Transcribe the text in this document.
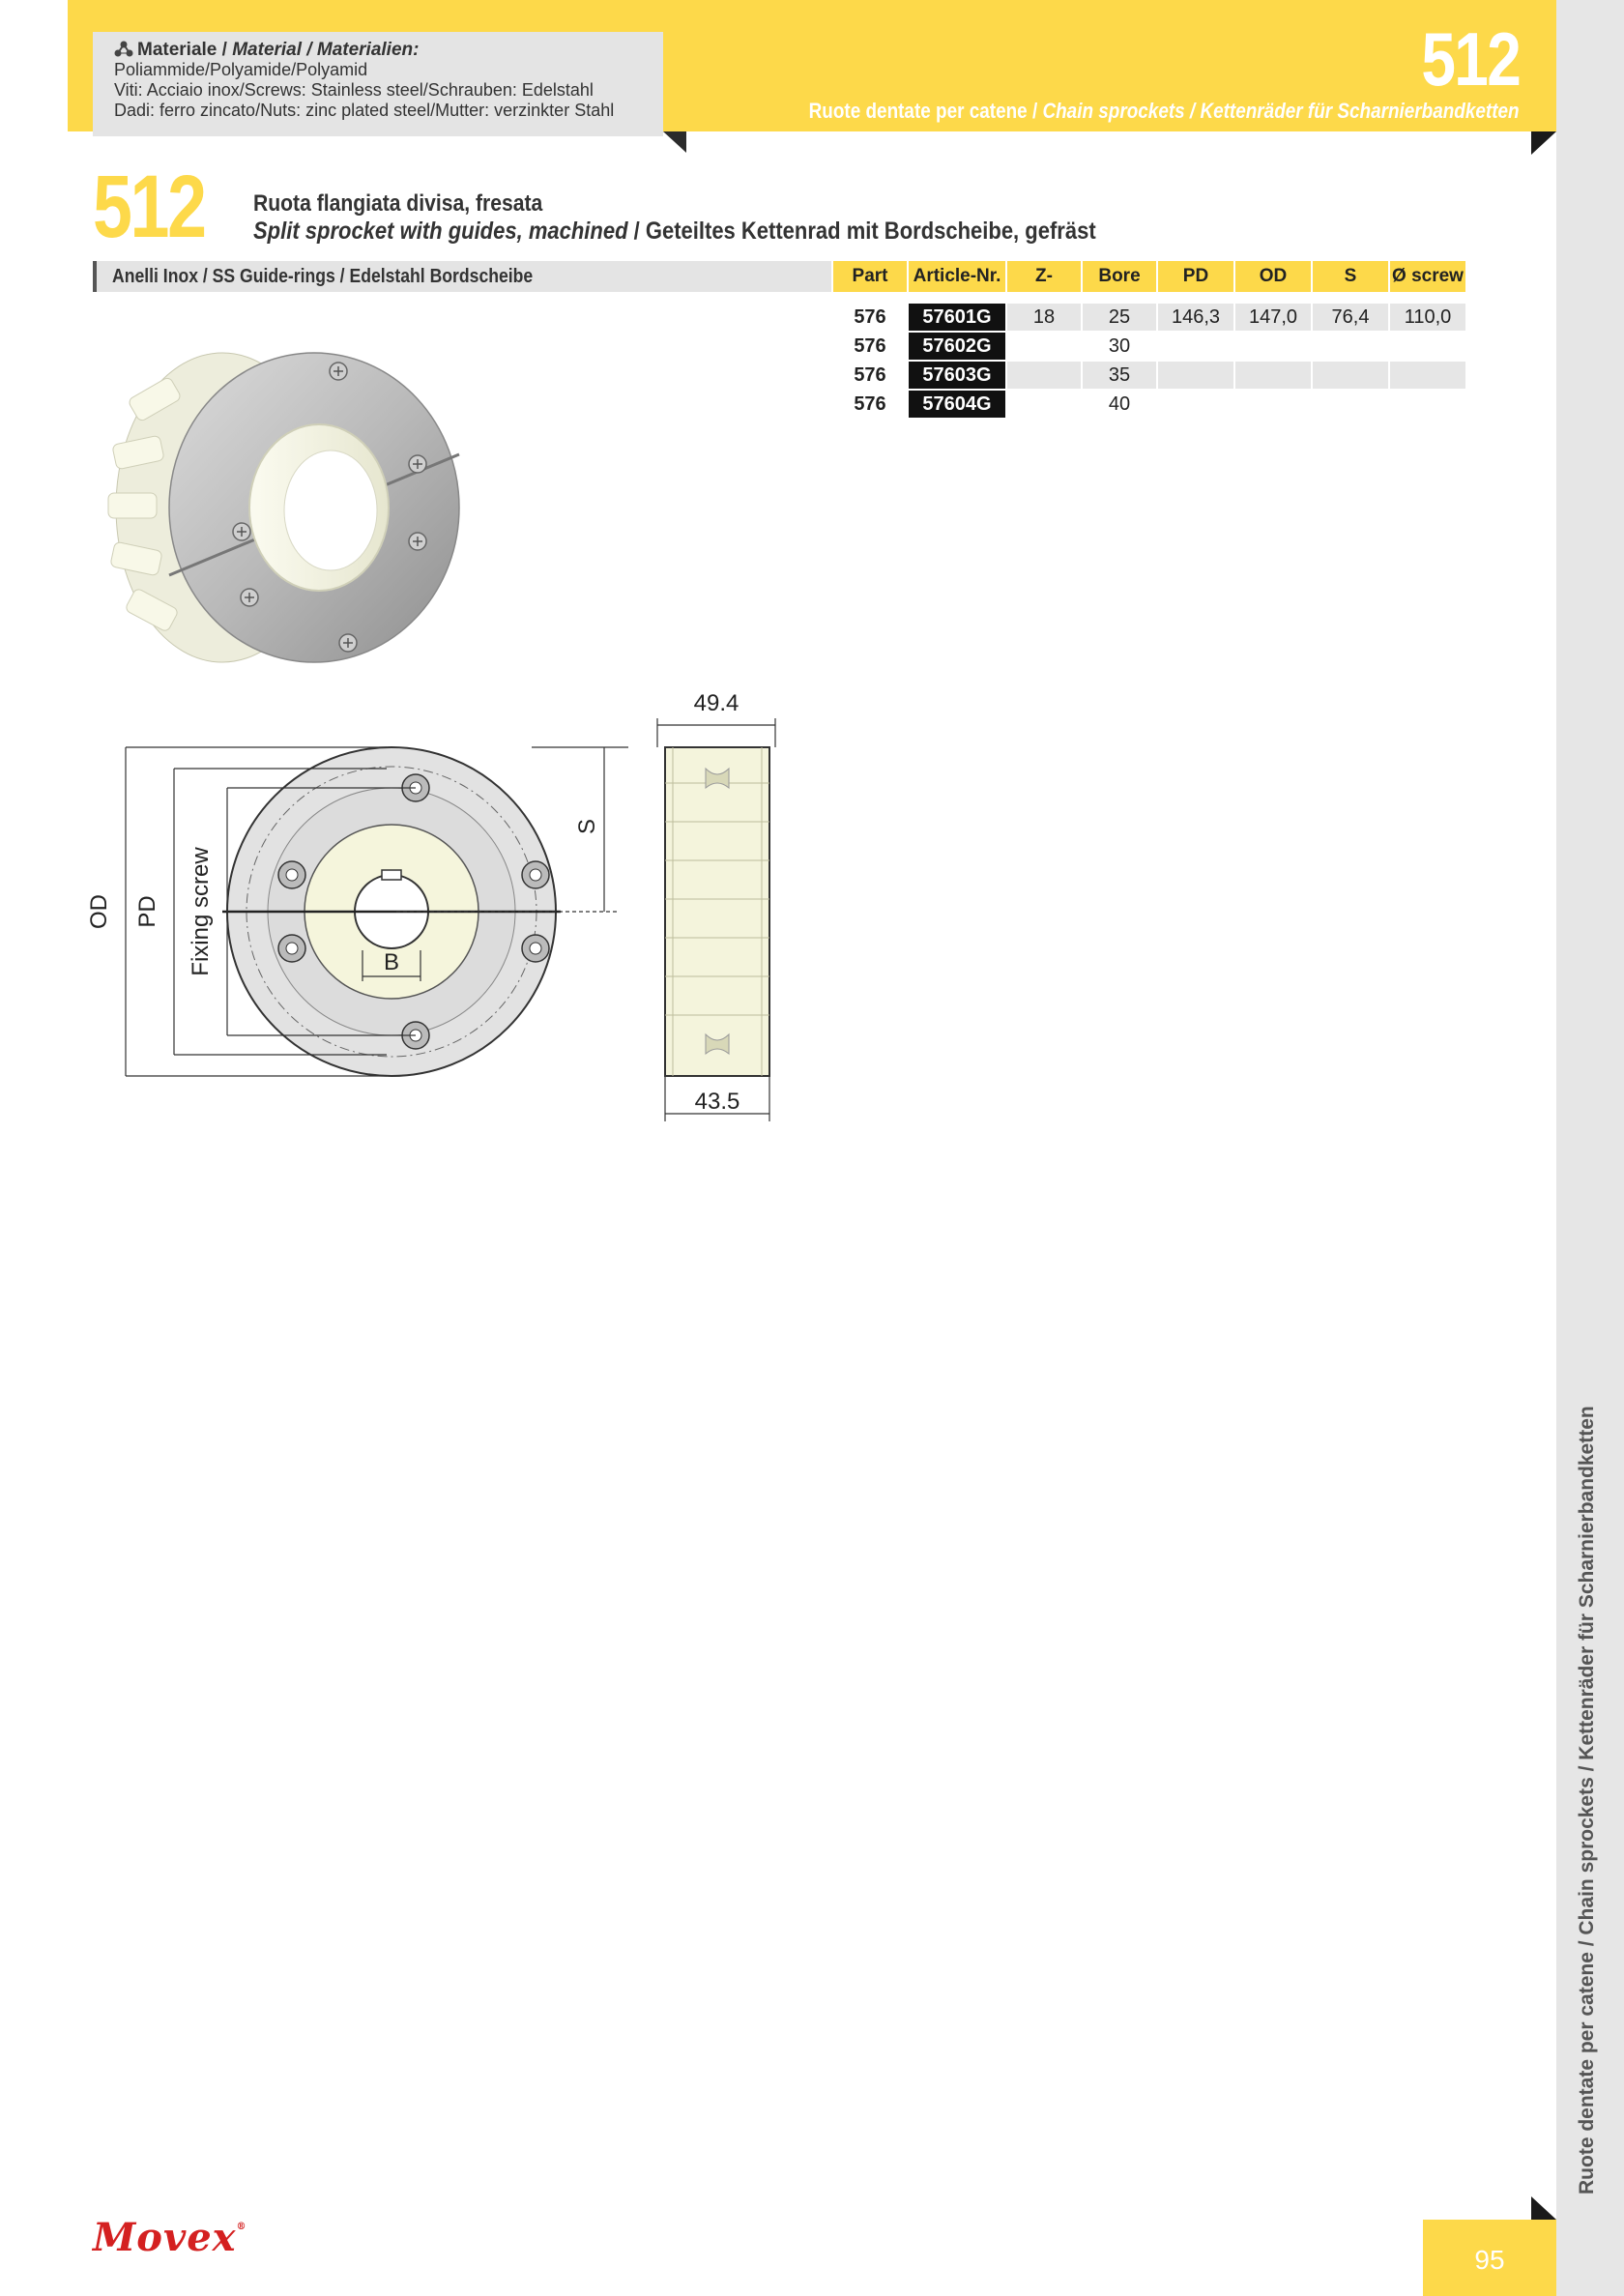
512
Ruote dentate per catene / Chain sprockets / Kettenräder für Scharnierbandketten
Materiale / Material / Materialien:
Poliammide/Polyamide/Polyamid
Viti: Acciaio inox/Screws: Stainless steel/Schrauben: Edelstahl
Dadi: ferro zincato/Nuts: zinc plated steel/Mutter: verzinkter Stahl
Ruote dentate per catene / Chain sprockets / Kettenräder für Scharnierbandketten
95
512 Ruota flangiata divisa, fresata
Split sprocket with guides, machined / Geteiltes Kettenrad mit Bordscheibe, gefräst
Anelli Inox / SS Guide-rings / Edelstahl Bordscheibe	Part	Article-Nr.	Z-	Bore	PD	OD	S	Ø screw

576	57601G	18	25	146,3	147,0	76,4	110,0
576	57602G		30				
576	57603G		35				
576	57604G		40				
OD PD Fixing screw
S
B
49.4
43.5
Movex®
